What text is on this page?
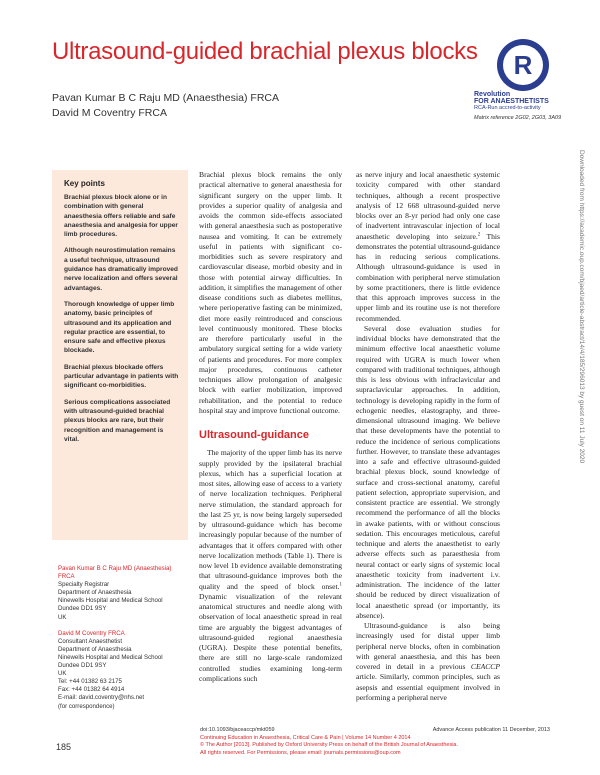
Ultrasound-guided brachial plexus blocks
Pavan Kumar B C Raju MD (Anaesthesia) FRCA
David M Coventry FRCA
R
Revolution
FOR ANAESTHETISTS
RCA-Run accred-to-activity
Matrix reference 2G02, 2G03, 3A09
Key points

Brachial plexus block alone or in combination with general anaesthesia offers reliable and safe anaesthesia and analgesia for upper limb procedures.

Although neurostimulation remains a useful technique, ultrasound guidance has dramatically improved nerve localization and offers several advantages.

Thorough knowledge of upper limb anatomy, basic principles of ultrasound and its application and regular practice are essential, to ensure safe and effective plexus blockade.

Brachial plexus blockade offers particular advantage in patients with significant co-morbidities.

Serious complications associated with ultrasound-guided brachial plexus blocks are rare, but their recognition and management is vital.

Pavan Kumar B C Raju MD (Anaesthesia) FRCA
Specialty Registrar
Department of Anaesthesia
Ninewells Hospital and Medical School
Dundee DD1 9SY
UK
David M Coventry FRCA
Consultant Anaesthetist
Department of Anaesthesia
Ninewells Hospital and Medical School
Dundee DD1 9SY
UK
Tel: +44 01382 63 2175
Fax: +44 01382 64 4914
E-mail: david.coventry@nhs.net
(for correspondence)

Brachial plexus block remains the only practical alternative to general anaesthesia for significant surgery on the upper limb. It provides a superior quality of analgesia and avoids the common side-effects associated with general anaesthesia such as postoperative nausea and vomiting. It can be extremely useful in patients with significant co-morbidities such as severe respiratory and cardiovascular disease, morbid obesity and in those with potential airway difficulties. In addition, it simplifies the management of other disease conditions such as diabetes mellitus, where perioperative fasting can be minimized, diet more easily reintroduced and conscious level continuously monitored. These blocks are therefore particularly useful in the ambulatory surgical setting for a wide variety of patients and procedures. For more complex major procedures, continuous catheter techniques allow prolongation of analgesic block with earlier mobilization, improved rehabilitation, and the potential to reduce hospital stay and improve functional outcome.

Ultrasound-guidance

The majority of the upper limb has its nerve supply provided by the ipsilateral brachial plexus, which has a superficial location at most sites, allowing ease of access to a variety of nerve localization techniques. Peripheral nerve stimulation, the standard approach for the last 25 yr, is now being largely superseded by ultrasound-guidance which has become increasingly popular because of the number of advantages that it offers compared with other nerve localization methods (Table 1). There is now level 1b evidence available demonstrating that ultrasound-guidance improves both the quality and the speed of block onset.$^1$ Dynamic visualization of the relevant anatomical structures and needle along with observation of local anaesthetic spread in real time are arguably the biggest advantages of ultrasound-guided regional anaesthesia (UGRA). Despite these potential benefits, there are still no large-scale randomized controlled studies examining long-term complications such

as nerve injury and local anaesthetic systemic toxicity compared with other standard techniques, although a recent prospective analysis of 12 668 ultrasound-guided nerve blocks over an 8-yr period had only one case of inadvertent intravascular injection of local anaesthetic developing into seizure.$^2$ This demonstrates the potential ultrasound-guidance has in reducing serious complications. Although ultrasound-guidance is used in combination with peripheral nerve stimulation by some practitioners, there is little evidence that this approach improves success in the upper limb and its routine use is not therefore recommended.

Several dose evaluation studies for individual blocks have demonstrated that the minimum effective local anaesthetic volume required with UGRA is much lower when compared with traditional techniques, although this is less obvious with infraclavicular and supraclavicular approaches. In addition, technology is developing rapidly in the form of echogenic needles, elastography, and three-dimensional ultrasound imaging. We believe that these developments have the potential to reduce the incidence of serious complications further. However, to translate these advantages into a safe and effective ultrasound-guided brachial plexus block, sound knowledge of surface and cross-sectional anatomy, careful patient selection, appropriate supervision, and consistent practice are essential. We strongly recommend the performance of all the blocks in awake patients, with or without conscious sedation. This encourages meticulous, careful technique and alerts the anaesthetist to early adverse effects such as paraesthesia from neural contact or early signs of systemic local anaesthetic toxicity from inadvertent i.v. administration. The incidence of the latter should be reduced by direct visualization of local anaesthetic spread (or importantly, its absence).

Ultrasound-guidance is also being increasingly used for distal upper limb peripheral nerve blocks, often in combination with general anaesthesia, and this has been covered in detail in a previous CEACCP article. Similarly, common principles, such as asepsis and essential equipment involved in performing a peripheral nerve

doi:10.1093/bjaceaccp/mkt059	Advance Access publication 11 December, 2013
Continuing Education in Anaesthesia, Critical Care & Pain | Volume 14 Number 4 2014
© The Author [2013]. Published by Oxford University Press on behalf of the British Journal of Anaesthesia.
All rights reserved. For Permissions, please email: journals.permissions@oup.com
185
Downloaded from https://academic.oup.com/bjaed/article-abstract/14/4/185/296013 by guest on 11 July 2020
